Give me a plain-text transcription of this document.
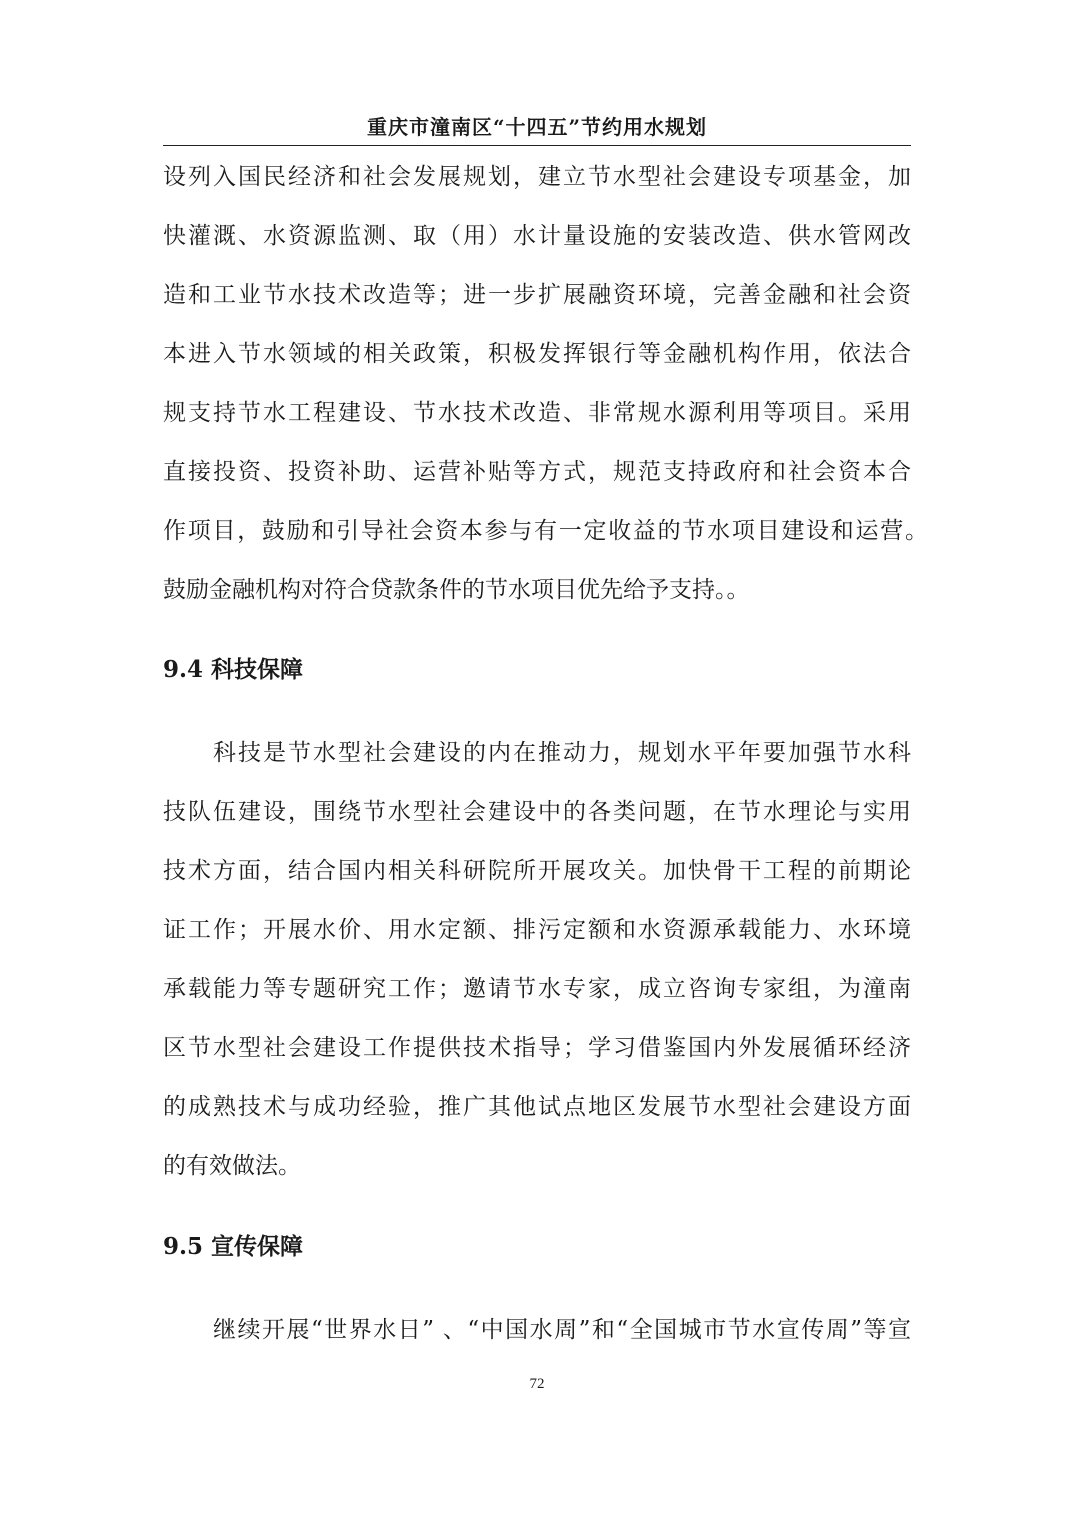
重庆市潼南区“十四五”节约用水规划
设列入国民经济和社会发展规划，建立节水型社会建设专项基金，加
快灌溉、水资源监测、取（用）水计量设施的安装改造、供水管网改
造和工业节水技术改造等；进一步扩展融资环境，完善金融和社会资
本进入节水领域的相关政策，积极发挥银行等金融机构作用，依法合
规支持节水工程建设、节水技术改造、非常规水源利用等项目。采用
直接投资、投资补助、运营补贴等方式，规范支持政府和社会资本合
作项目，鼓励和引导社会资本参与有一定收益的节水项目建设和运营。
鼓励金融机构对符合贷款条件的节水项目优先给予支持。。
9.4 科技保障
科技是节水型社会建设的内在推动力，规划水平年要加强节水科
技队伍建设，围绕节水型社会建设中的各类问题，在节水理论与实用
技术方面，结合国内相关科研院所开展攻关。加快骨干工程的前期论
证工作；开展水价、用水定额、排污定额和水资源承载能力、水环境
承载能力等专题研究工作；邀请节水专家，成立咨询专家组，为潼南
区节水型社会建设工作提供技术指导；学习借鉴国内外发展循环经济
的成熟技术与成功经验，推广其他试点地区发展节水型社会建设方面
的有效做法。
9.5 宣传保障
继续开展“世界水日” 、“中国水周”和“全国城市节水宣传周”等宣
72
